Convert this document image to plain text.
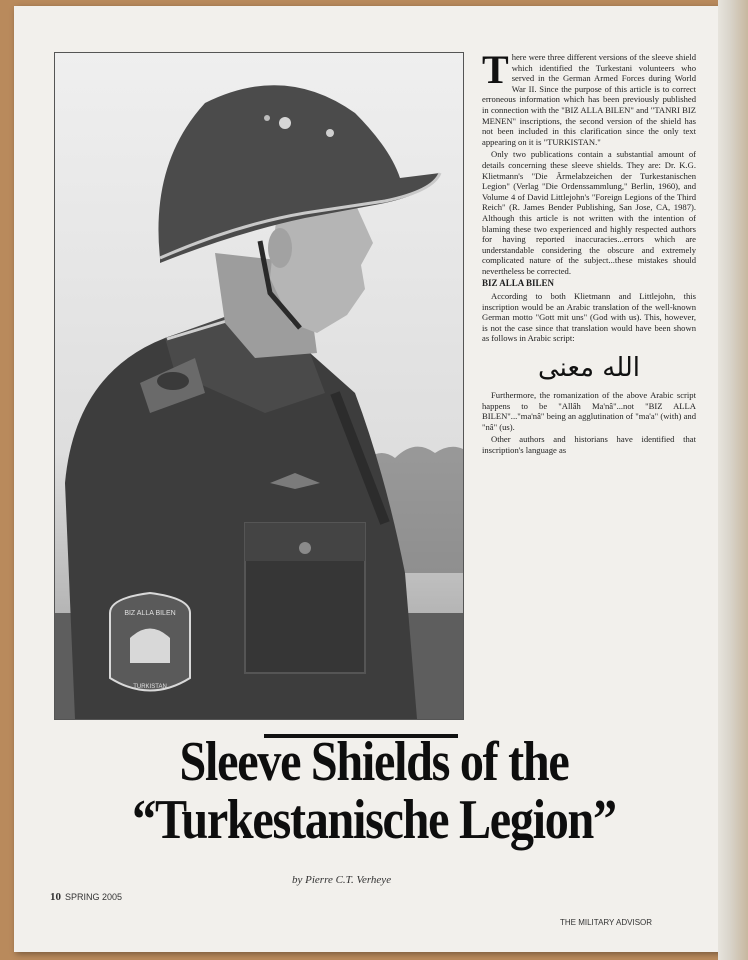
BIZ ALLA BILEN
TURKISTAN

There were three different versions of the sleeve shield which identified the Turkestani volunteers who served in the German Armed Forces during World War II. Since the purpose of this article is to correct erroneous information which has been previously published in connection with the "BIZ ALLA BILEN" and "TANRI BIZ MENEN" inscriptions, the second version of the shield has not been included in this clarification since the only text appearing on it is "TURKISTAN."

Only two publications contain a substantial amount of details concerning these sleeve shields. They are: Dr. K.G. Klietmann's "Die Ärmelabzeichen der Turkestanischen Legion" (Verlag "Die Ordenssammlung," Berlin, 1960), and Volume 4 of David Littlejohn's "Foreign Legions of the Third Reich" (R. James Bender Publishing, San Jose, CA, 1987). Although this article is not written with the intention of blaming these two experienced and highly respected authors for having reported inaccuracies...errors which are understandable considering the obscure and extremely complicated nature of the subject...these mistakes should nevertheless be corrected.

BIZ ALLA BILEN

According to both Klietmann and Littlejohn, this inscription would be an Arabic translation of the well-known German motto "Gott mit uns" (God with us). This, however, is not the case since that translation would have been shown as follows in Arabic script:

الله معنى

Furthermore, the romanization of the above Arabic script happens to be "Allâh Ma'nâ"...not "BIZ ALLA BILEN"..."ma'nâ" being an agglutination of "ma'a" (with) and "nâ" (us).

Other authors and historians have identified that inscription's language as

Sleeve Shields of the
“Turkestanische Legion”
by Pierre C.T. Verheye
10 SPRING 2005
THE MILITARY ADVISOR
